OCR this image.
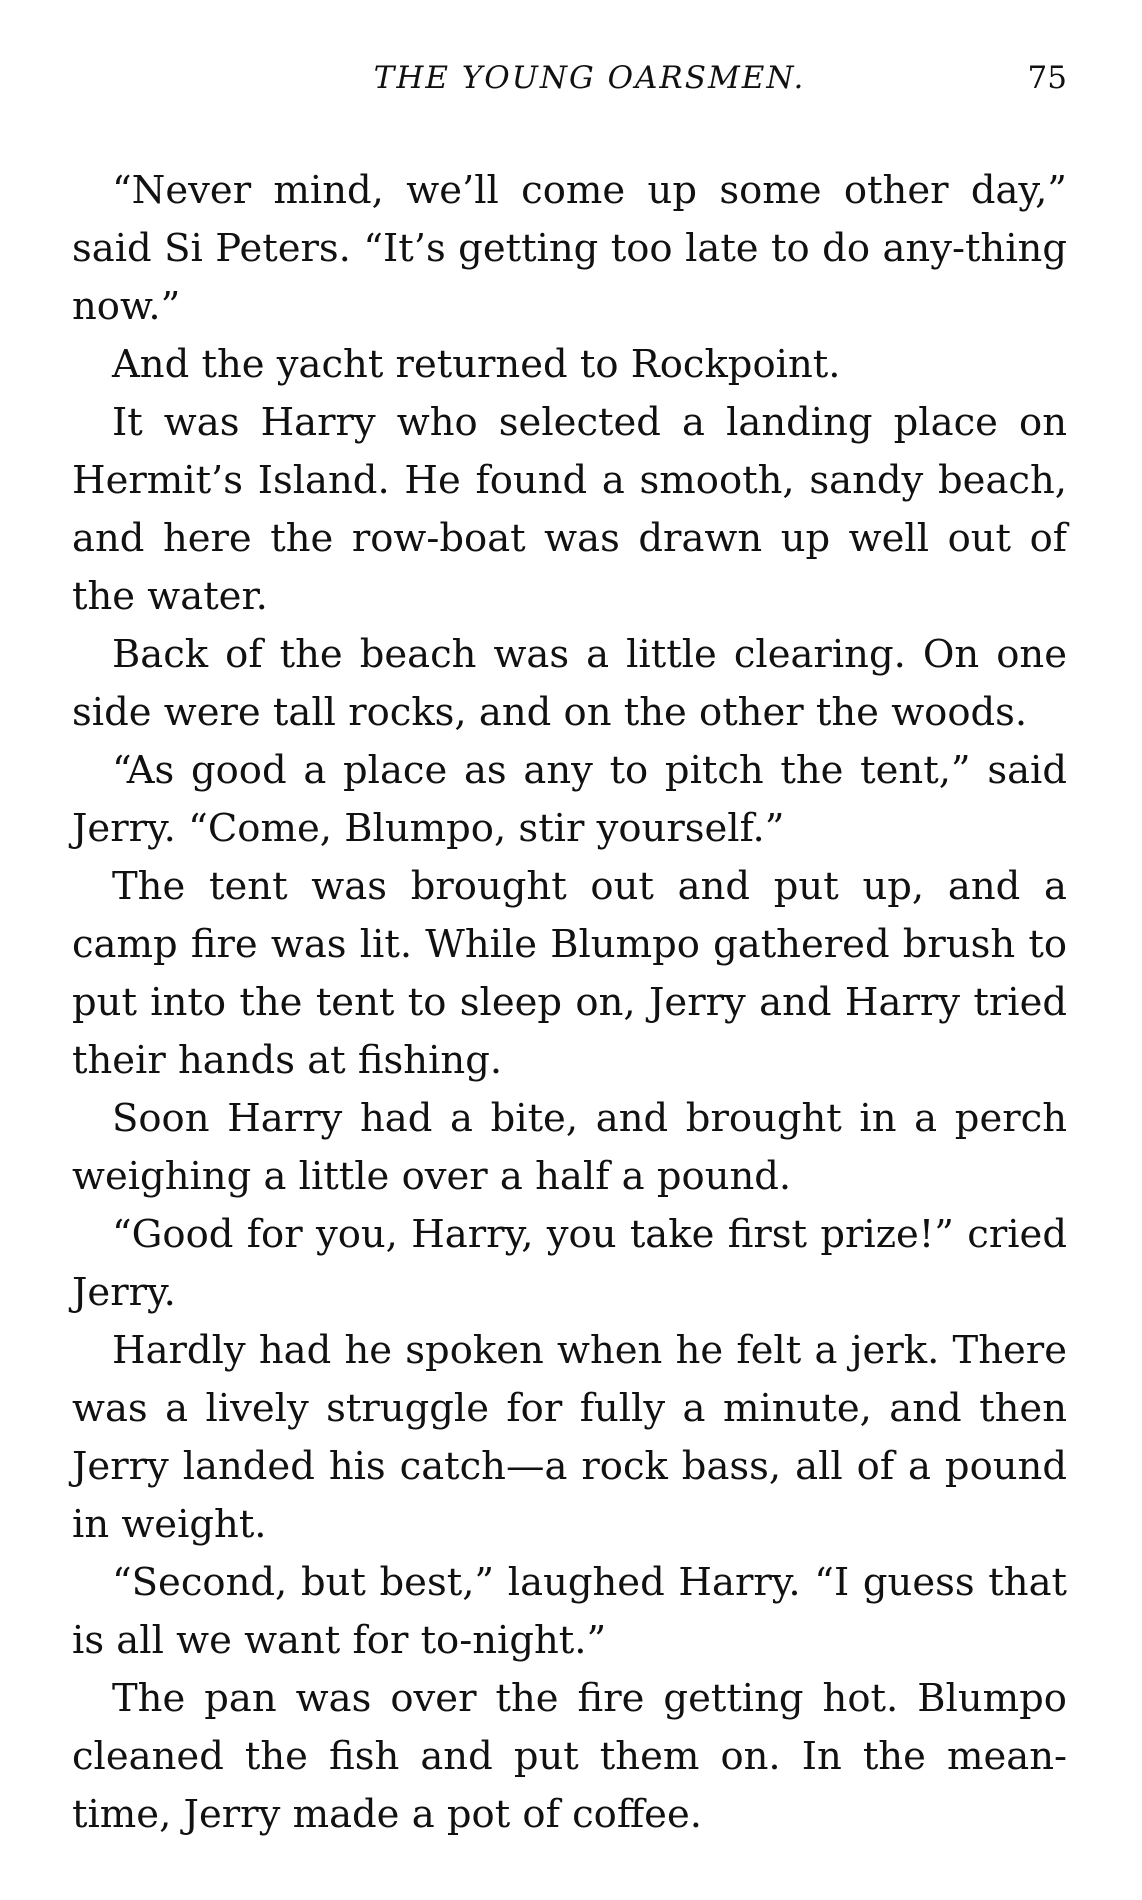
THE YOUNG OARSMEN.	75

“Never mind, we’ll come up some other day,” said Si Peters. “It’s getting too late to do any-thing now.”

And the yacht returned to Rockpoint.

It was Harry who selected a landing place on Hermit’s Island. He found a smooth, sandy beach, and here the row-boat was drawn up well out of the water.

Back of the beach was a little clearing. On one side were tall rocks, and on the other the woods.

“As good a place as any to pitch the tent,” said Jerry. “Come, Blumpo, stir yourself.”

The tent was brought out and put up, and a camp fire was lit. While Blumpo gathered brush to put into the tent to sleep on, Jerry and Harry tried their hands at fishing.

Soon Harry had a bite, and brought in a perch weighing a little over a half a pound.

“Good for you, Harry, you take first prize!” cried Jerry.

Hardly had he spoken when he felt a jerk. There was a lively struggle for fully a minute, and then Jerry landed his catch—a rock bass, all of a pound in weight.

“Second, but best,” laughed Harry. “I guess that is all we want for to-night.”

The pan was over the fire getting hot. Blumpo cleaned the fish and put them on. In the mean-time, Jerry made a pot of coffee.
